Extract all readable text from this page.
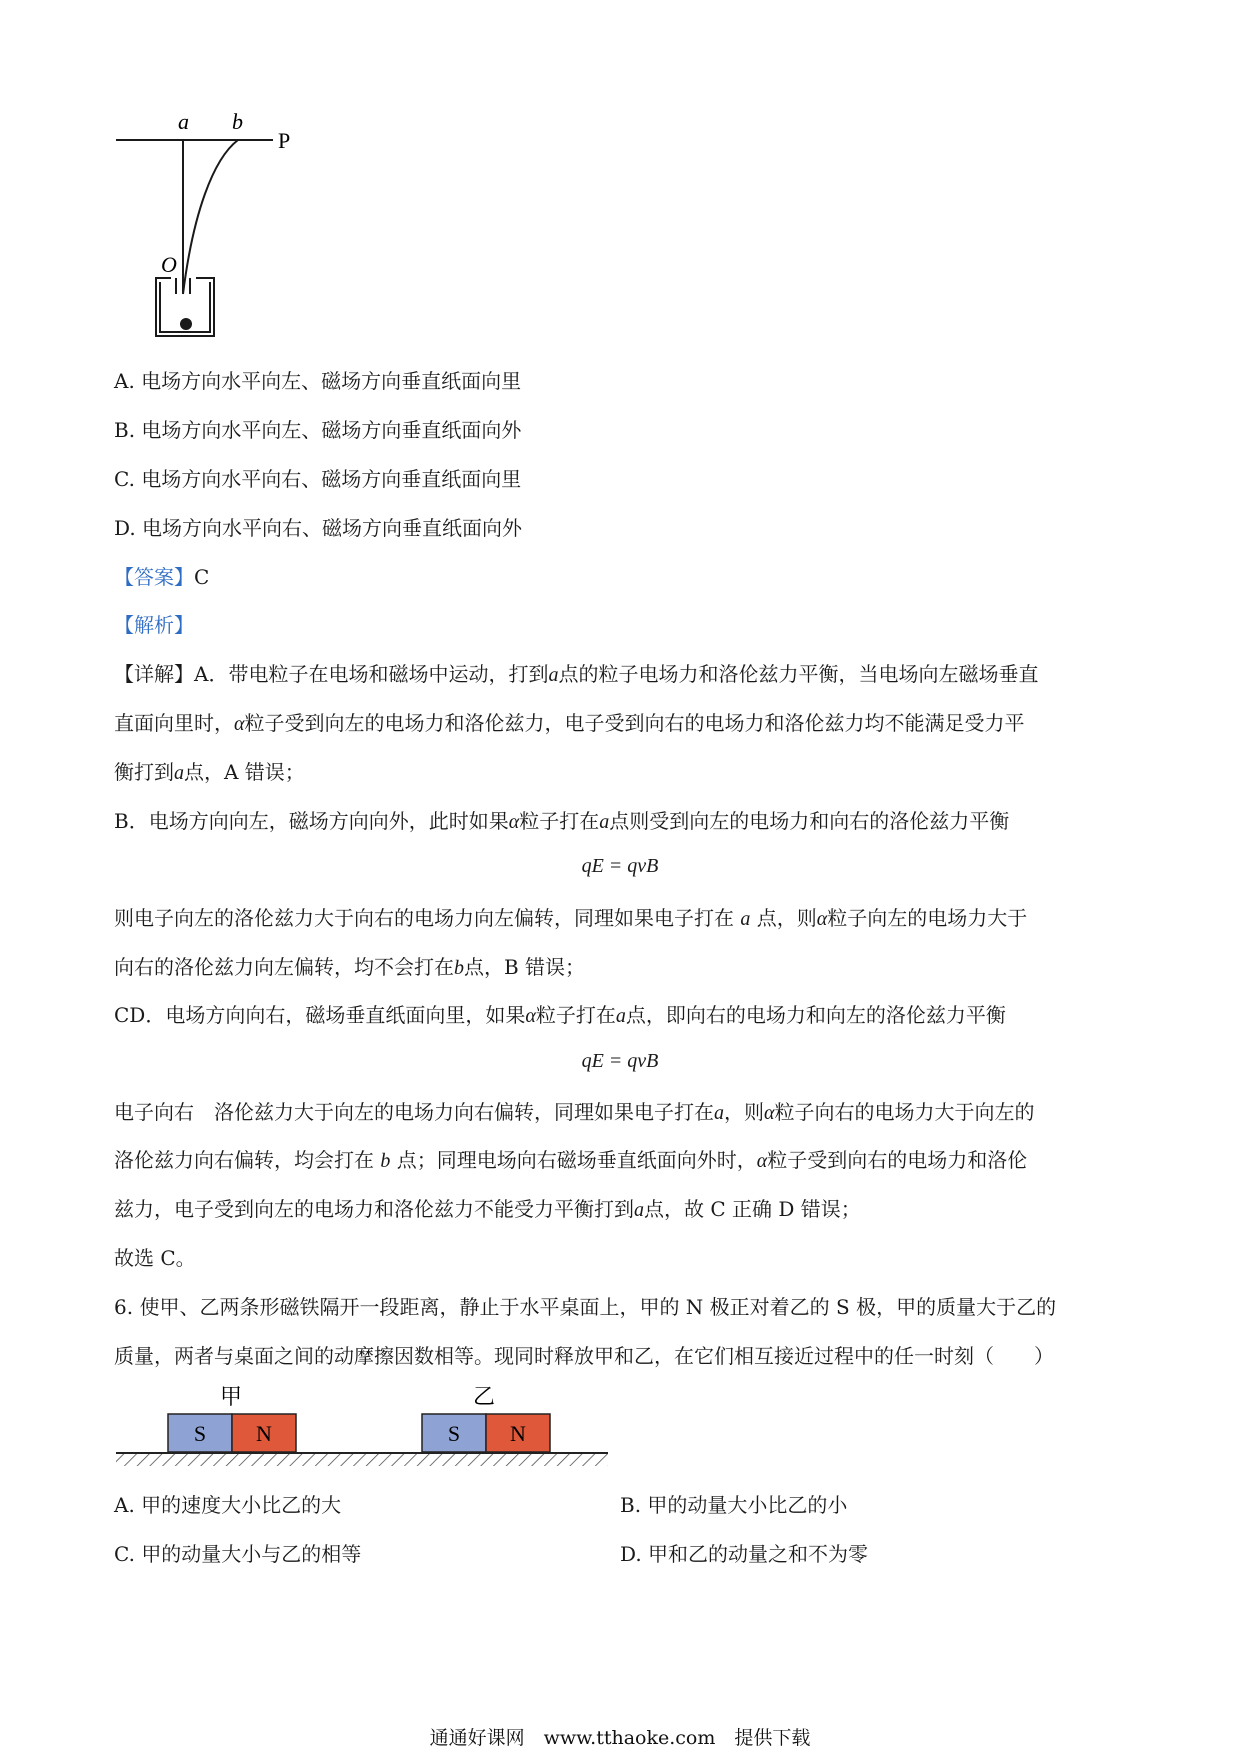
a b
P
O
A. 电场方向水平向左、磁场方向垂直纸面向里
B. 电场方向水平向左、磁场方向垂直纸面向外
C. 电场方向水平向右、磁场方向垂直纸面向里
D. 电场方向水平向右、磁场方向垂直纸面向外
【答案】C
【解析】
【详解】A．带电粒子在电场和磁场中运动，打到a点的粒子电场力和洛伦兹力平衡，当电场向左磁场垂直
直面向里时，α粒子受到向左的电场力和洛伦兹力，电子受到向右的电场力和洛伦兹力均不能满足受力平
衡打到a点，A 错误；
B．电场方向向左，磁场方向向外，此时如果α粒子打在a点则受到向左的电场力和向右的洛伦兹力平衡
qE = qvB
则电子向左的洛伦兹力大于向右的电场力向左偏转，同理如果电子打在 a 点，则α粒子向左的电场力大于
向右的洛伦兹力向左偏转，均不会打在b点，B 错误；
CD．电场方向向右，磁场垂直纸面向里，如果α粒子打在a点，即向右的电场力和向左的洛伦兹力平衡
qE = qvB
电子向右　洛伦兹力大于向左的电场力向右偏转，同理如果电子打在a，则α粒子向右的电场力大于向左的
洛伦兹力向右偏转，均会打在 b 点；同理电场向右磁场垂直纸面向外时，α粒子受到向右的电场力和洛伦
兹力，电子受到向左的电场力和洛伦兹力不能受力平衡打到a点，故 C 正确 D 错误；
故选 C。
6. 使甲、乙两条形磁铁隔开一段距离，静止于水平桌面上，甲的 N 极正对着乙的 S 极，甲的质量大于乙的
质量，两者与桌面之间的动摩擦因数相等。现同时释放甲和乙，在它们相互接近过程中的任一时刻（　　）
甲	乙
S N	S N
A. 甲的速度大小比乙的大	B. 甲的动量大小比乙的小
C. 甲的动量大小与乙的相等	D. 甲和乙的动量之和不为零
通通好课网　www.tthaoke.com　提供下载
